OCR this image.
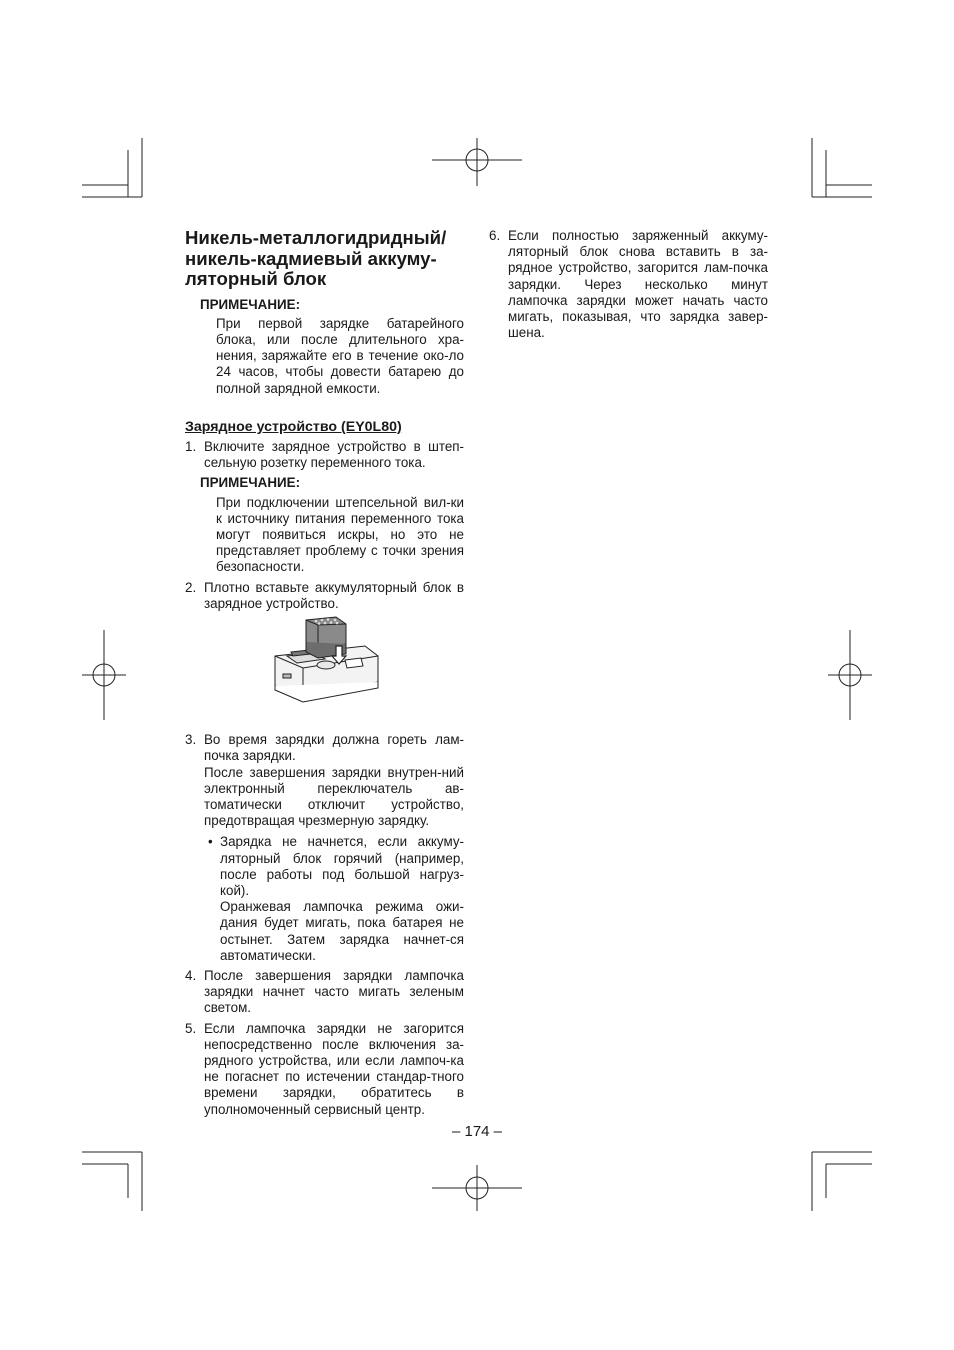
Никель-металлогидридный/ никель-кадмиевый аккуму-ляторный блок
ПРИМЕЧАНИЕ:
При первой зарядке батарейного блока, или после длительного хра-нения, заряжайте его в течение око-ло 24 часов, чтобы довести батарею до полной зарядной емкости.
Зарядное устройство (EY0L80)
1. Включите зарядное устройство в штеп-сельную розетку переменного тока.

ПРИМЕЧАНИЕ:
При подключении штепсельной вил-ки к источнику питания переменного тока могут появиться искры, но это не представляет проблему с точки зрения безопасности.
2. Плотно вставьте аккумуляторный блок в зарядное устройство.

3. Во время зарядки должна гореть лам-почка зарядки.

После завершения зарядки внутрен-ний электронный переключатель ав-томатически отключит устройство, предотвращая чрезмерную зарядку.

• Зарядка не начнется, если аккуму-ляторный блок горячий (например, после работы под большой нагруз-кой).

Оранжевая лампочка режима ожи-дания будет мигать, пока батарея не остынет. Затем зарядка начнет-ся автоматически.

4. После завершения зарядки лампочка зарядки начнет часто мигать зеленым светом.

5. Если лампочка зарядки не загорится непосредственно после включения за-рядного устройства, или если лампоч-ка не погаснет по истечении стандар-тного времени зарядки, обратитесь в уполномоченный сервисный центр.

6. Если полностью заряженный аккуму-ляторный блок снова вставить в за-рядное устройство, загорится лам-почка зарядки. Через несколько минут лампочка зарядки может начать часто мигать, показывая, что зарядка завер-шена.

– 174 –
